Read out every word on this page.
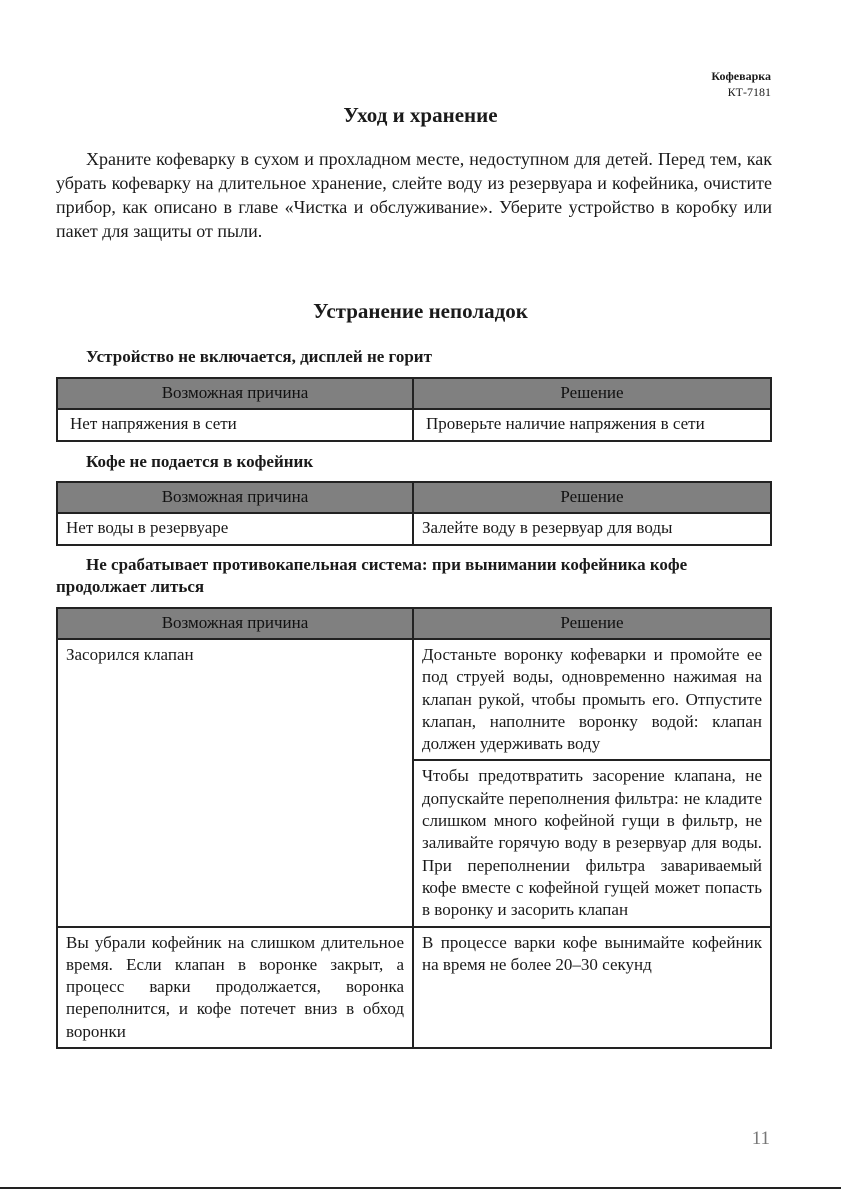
Кофеварка
КТ-7181
Уход и хранение

Храните кофеварку в сухом и прохладном месте, недоступном для детей. Перед тем, как убрать кофеварку на длительное хранение, слейте воду из резервуара и кофейника, очистите прибор, как описано в главе «Чистка и обслуживание». Уберите устройство в коробку или пакет для защиты от пыли.

Устранение неполадок
Устройство не включается, дисплей не горит
Возможная причина	Решение
Нет напряжения в сети	Проверьте наличие напряжения в сети
Кофе не подается в кофейник
Возможная причина	Решение
Нет воды в резервуаре	Залейте воду в резервуар для воды
Не срабатывает противокапельная система: при вынимании кофейника кофе продолжает литься
Возможная причина	Решение
Засорился клапан	Достаньте воронку кофеварки и промойте ее под струей воды, одновременно нажимая на клапан рукой, чтобы промыть его. Отпустите клапан, наполните воронку водой: клапан должен удерживать воду
	Чтобы предотвратить засорение клапана, не допускайте переполнения фильтра: не кладите слишком много кофейной гущи в фильтр, не заливайте горячую воду в резервуар для воды. При переполнении фильтра завариваемый кофе вместе с кофейной гущей может попасть в воронку и засорить клапан
Вы убрали кофейник на слишком длительное время. Если клапан в воронке закрыт, а процесс варки продолжается, воронка переполнится, и кофе потечет вниз в обход воронки	В процессе варки кофе вынимайте кофейник на время не более 20–30 секунд
11
